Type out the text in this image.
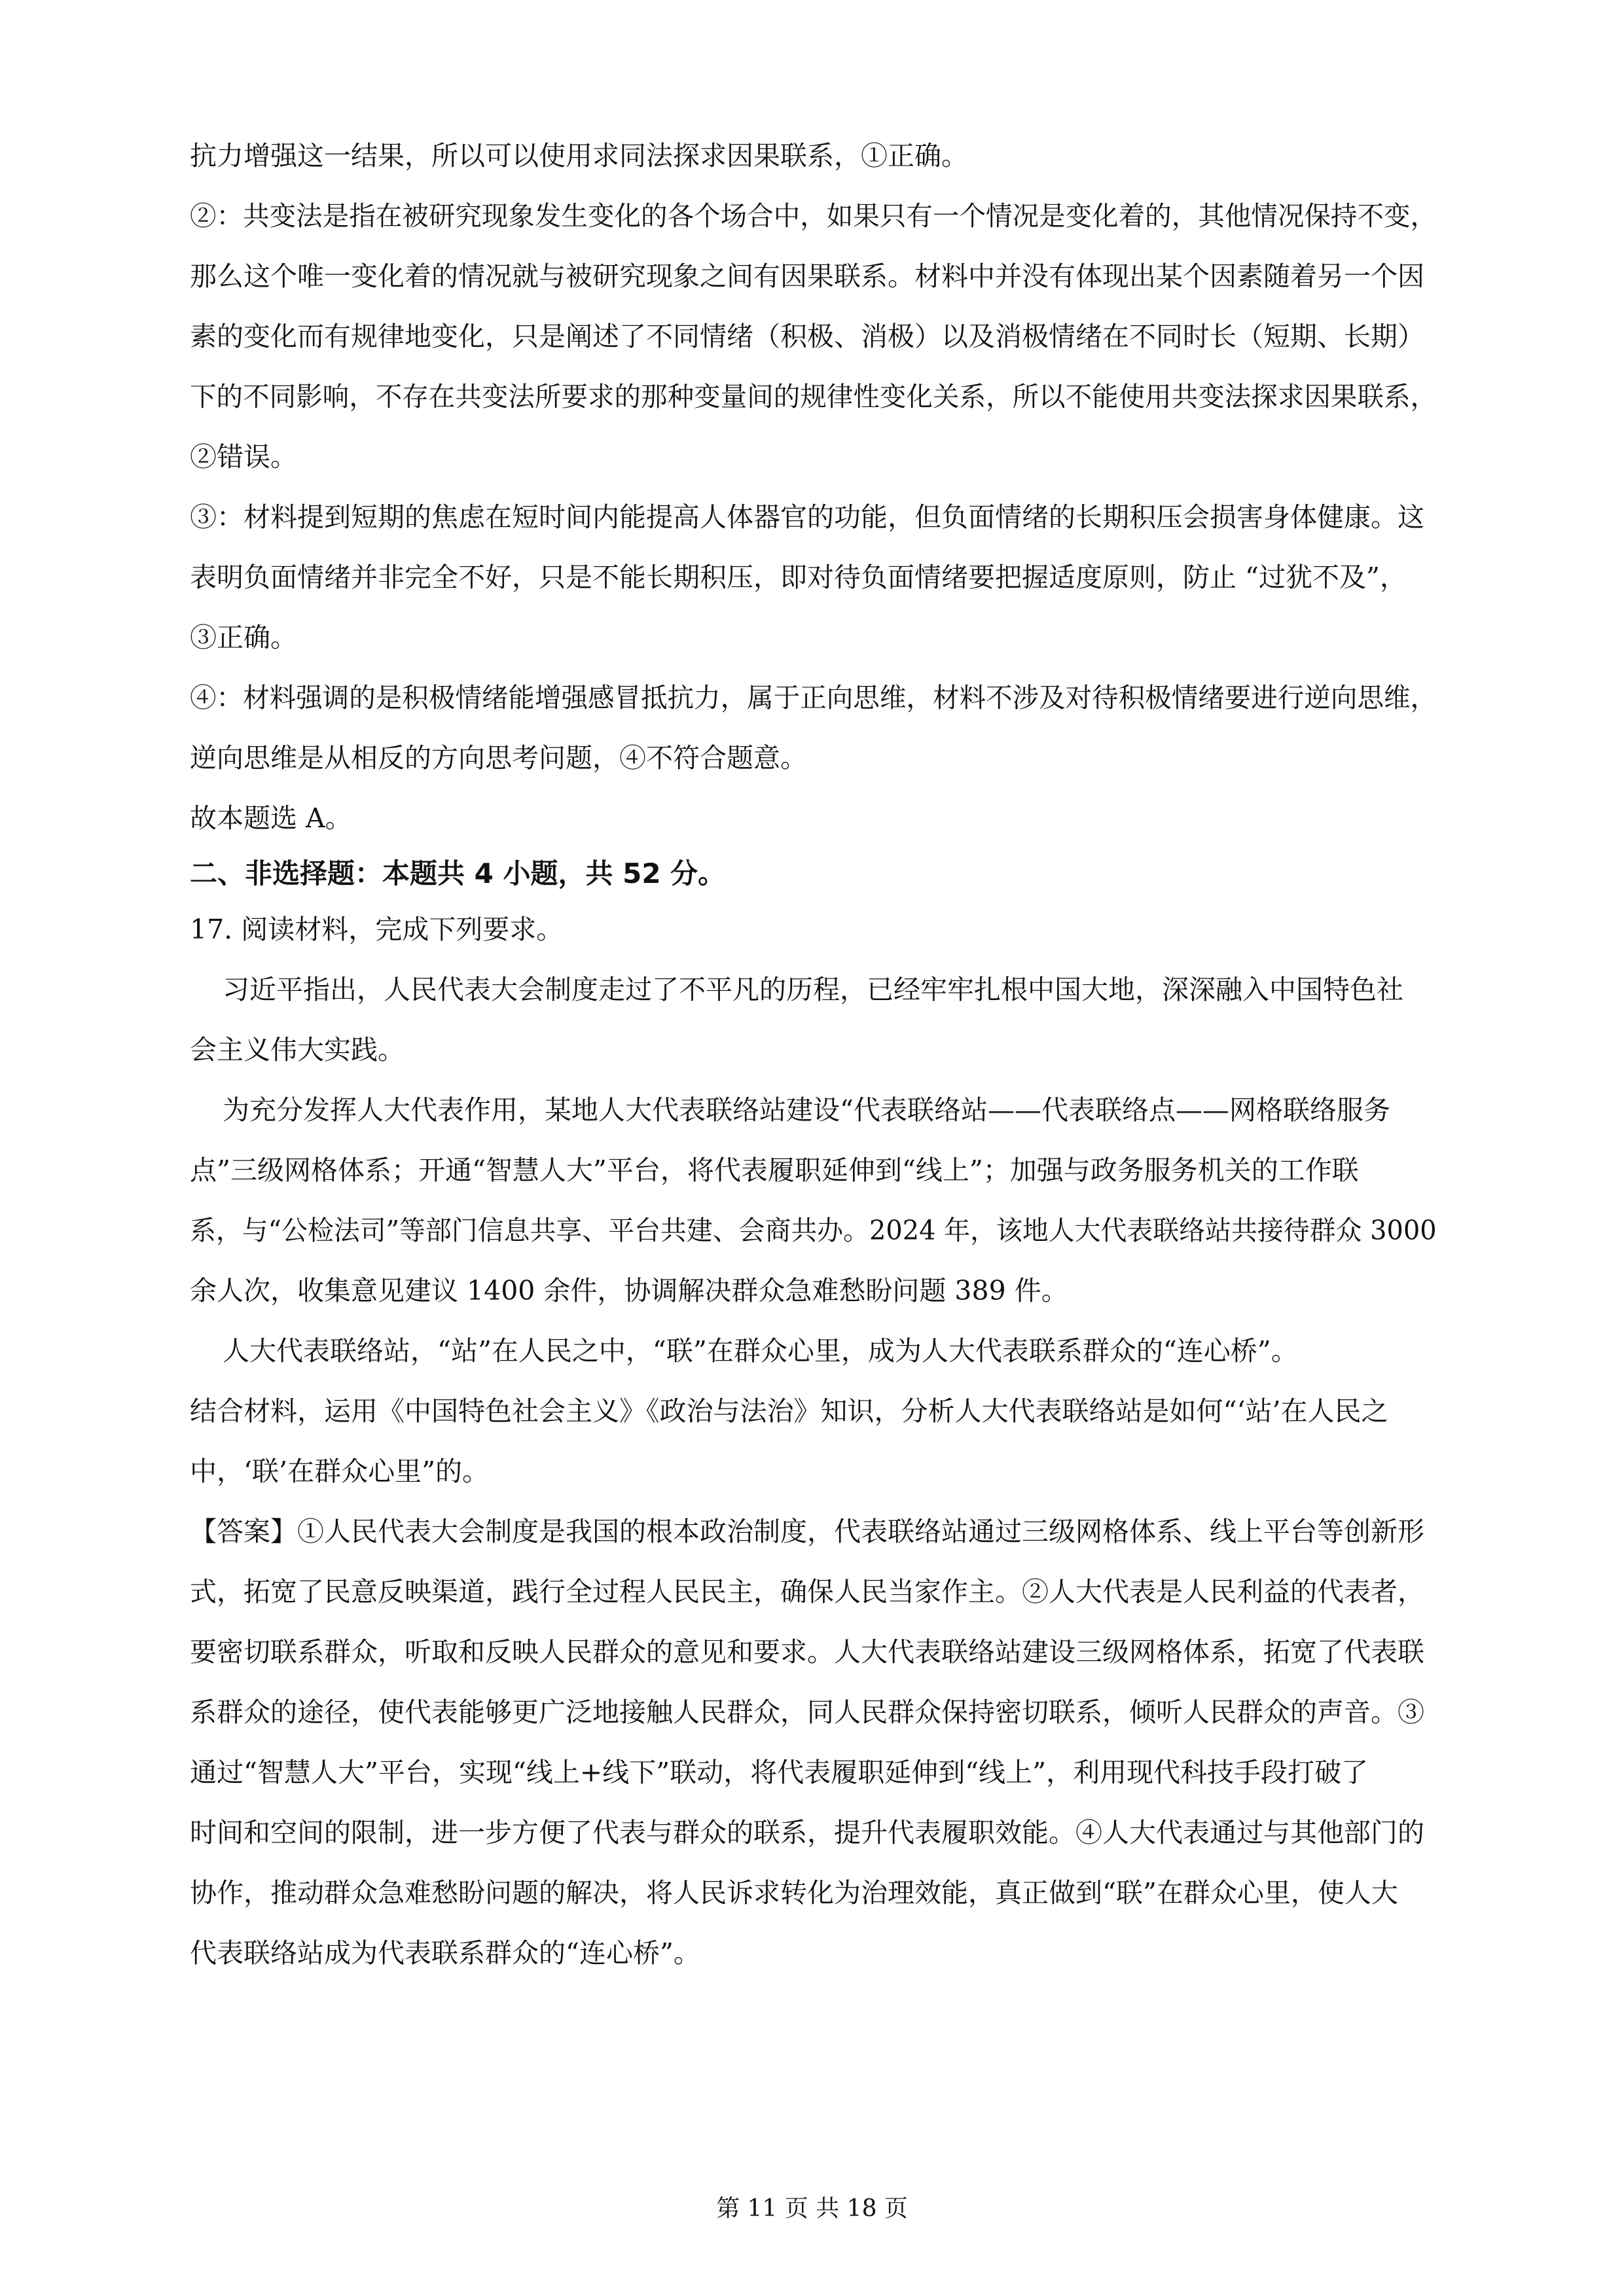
抗力增强这一结果，所以可以使用求同法探求因果联系，①正确。
②：共变法是指在被研究现象发生变化的各个场合中，如果只有一个情况是变化着的，其他情况保持不变，
那么这个唯一变化着的情况就与被研究现象之间有因果联系。材料中并没有体现出某个因素随着另一个因
素的变化而有规律地变化，只是阐述了不同情绪（积极、消极）以及消极情绪在不同时长（短期、长期）
下的不同影响，不存在共变法所要求的那种变量间的规律性变化关系，所以不能使用共变法探求因果联系，
②错误。
③：材料提到短期的焦虑在短时间内能提高人体器官的功能，但负面情绪的长期积压会损害身体健康。这
表明负面情绪并非完全不好，只是不能长期积压，即对待负面情绪要把握适度原则，防止 “过犹不及”，
③正确。
④：材料强调的是积极情绪能增强感冒抵抗力，属于正向思维，材料不涉及对待积极情绪要进行逆向思维，
逆向思维是从相反的方向思考问题，④不符合题意。
故本题选 A。
二、非选择题：本题共 4 小题，共 52 分。
17. 阅读材料，完成下列要求。
习近平指出，人民代表大会制度走过了不平凡的历程，已经牢牢扎根中国大地，深深融入中国特色社
会主义伟大实践。
为充分发挥人大代表作用，某地人大代表联络站建设“代表联络站——代表联络点——网格联络服务
点”三级网格体系；开通“智慧人大”平台，将代表履职延伸到“线上”；加强与政务服务机关的工作联
系，与“公检法司”等部门信息共享、平台共建、会商共办。2024 年，该地人大代表联络站共接待群众 3000
余人次，收集意见建议 1400 余件，协调解决群众急难愁盼问题 389 件。
人大代表联络站，“站”在人民之中，“联”在群众心里，成为人大代表联系群众的“连心桥”。
结合材料，运用《中国特色社会主义》《政治与法治》知识，分析人大代表联络站是如何“‘站’在人民之
中，‘联’在群众心里”的。
【答案】①人民代表大会制度是我国的根本政治制度，代表联络站通过三级网格体系、线上平台等创新形
式，拓宽了民意反映渠道，践行全过程人民民主，确保人民当家作主。②人大代表是人民利益的代表者，
要密切联系群众，听取和反映人民群众的意见和要求。人大代表联络站建设三级网格体系，拓宽了代表联
系群众的途径，使代表能够更广泛地接触人民群众，同人民群众保持密切联系，倾听人民群众的声音。③
通过“智慧人大”平台，实现“线上+线下”联动，将代表履职延伸到“线上”，利用现代科技手段打破了
时间和空间的限制，进一步方便了代表与群众的联系，提升代表履职效能。④人大代表通过与其他部门的
协作，推动群众急难愁盼问题的解决，将人民诉求转化为治理效能，真正做到“联”在群众心里，使人大
代表联络站成为代表联系群众的“连心桥”。
第 11 页 共 18 页
